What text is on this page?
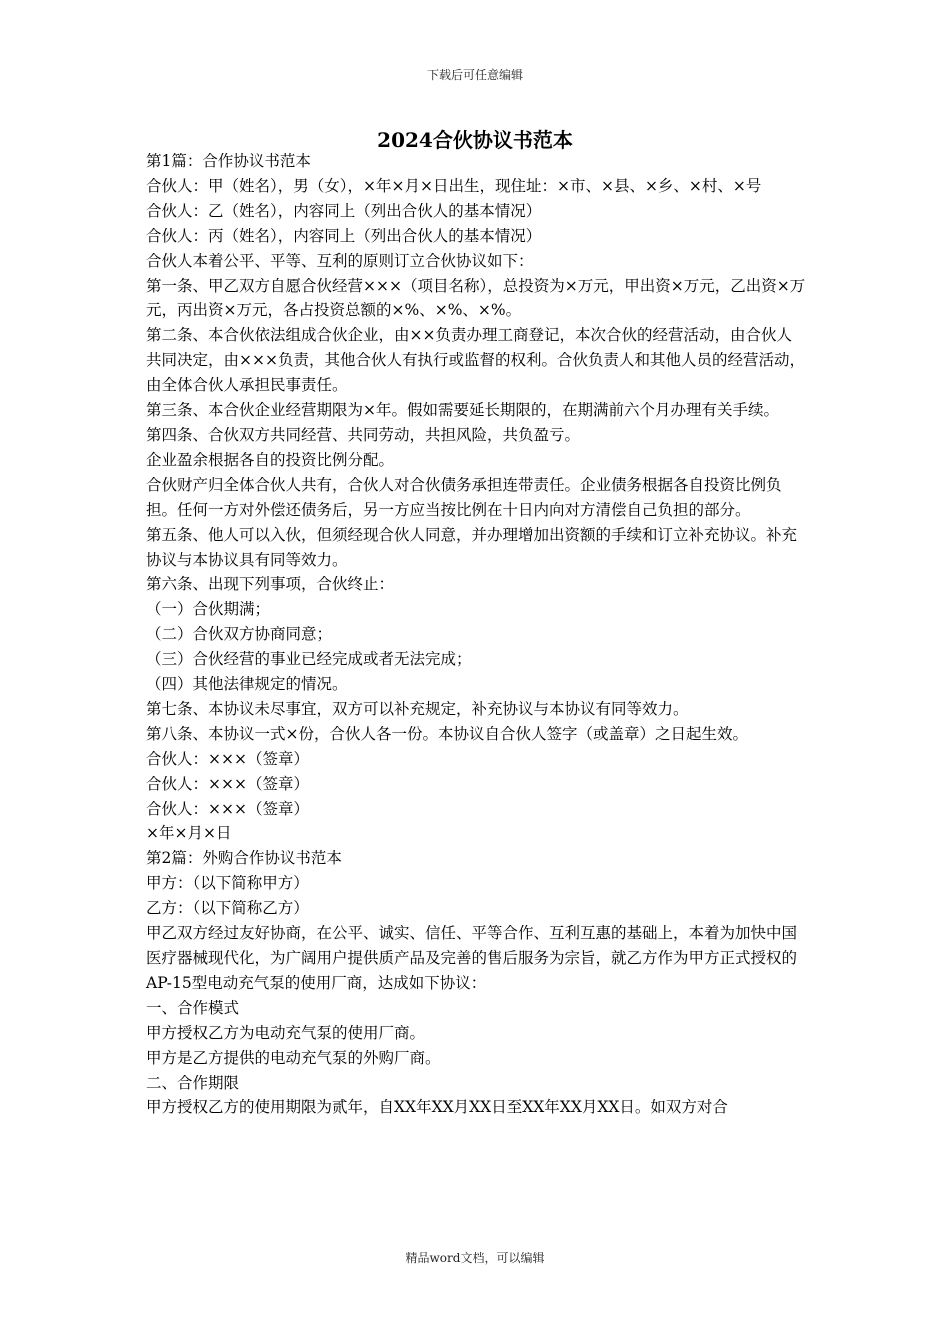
下载后可任意编辑
2024合伙协议书范本

第1篇：合作协议书范本

合伙人：甲（姓名），男（女），×年×月×日出生，现住址：×市、×县、×乡、×村、×号

合伙人：乙（姓名），内容同上（列出合伙人的基本情况）

合伙人：丙（姓名），内容同上（列出合伙人的基本情况）

合伙人本着公平、平等、互利的原则订立合伙协议如下：

第一条、甲乙双方自愿合伙经营×××（项目名称），总投资为×万元，甲出资×万元，乙出资×万元，丙出资×万元，各占投资总额的×%、×%、×%。

第二条、本合伙依法组成合伙企业，由××负责办理工商登记，本次合伙的经营活动，由合伙人共同决定，由×××负责，其他合伙人有执行或监督的权利。合伙负责人和其他人员的经营活动，由全体合伙人承担民事责任。

第三条、本合伙企业经营期限为×年。假如需要延长期限的，在期满前六个月办理有关手续。

第四条、合伙双方共同经营、共同劳动，共担风险，共负盈亏。

企业盈余根据各自的投资比例分配。

合伙财产归全体合伙人共有，合伙人对合伙债务承担连带责任。企业债务根据各自投资比例负担。任何一方对外偿还债务后，另一方应当按比例在十日内向对方清偿自己负担的部分。

第五条、他人可以入伙，但须经现合伙人同意，并办理增加出资额的手续和订立补充协议。补充协议与本协议具有同等效力。

第六条、出现下列事项，合伙终止：

（一）合伙期满；

（二）合伙双方协商同意；

（三）合伙经营的事业已经完成或者无法完成；

（四）其他法律规定的情况。

第七条、本协议未尽事宜，双方可以补充规定，补充协议与本协议有同等效力。

第八条、本协议一式×份，合伙人各一份。本协议自合伙人签字（或盖章）之日起生效。

合伙人：×××（签章）

合伙人：×××（签章）

合伙人：×××（签章）

×年×月×日

第2篇：外购合作协议书范本

甲方：（以下简称甲方）

乙方：（以下简称乙方）

甲乙双方经过友好协商，在公平、诚实、信任、平等合作、互利互惠的基础上，本着为加快中国医疗器械现代化，为广阔用户提供质产品及完善的售后服务为宗旨，就乙方作为甲方正式授权的AP-15型电动充气泵的使用厂商，达成如下协议：

一、合作模式

甲方授权乙方为电动充气泵的使用厂商。

甲方是乙方提供的电动充气泵的外购厂商。

二、合作期限

甲方授权乙方的使用期限为贰年，自XX年XX月XX日至XX年XX月XX日。如双方对合

精品word文档，可以编辑
